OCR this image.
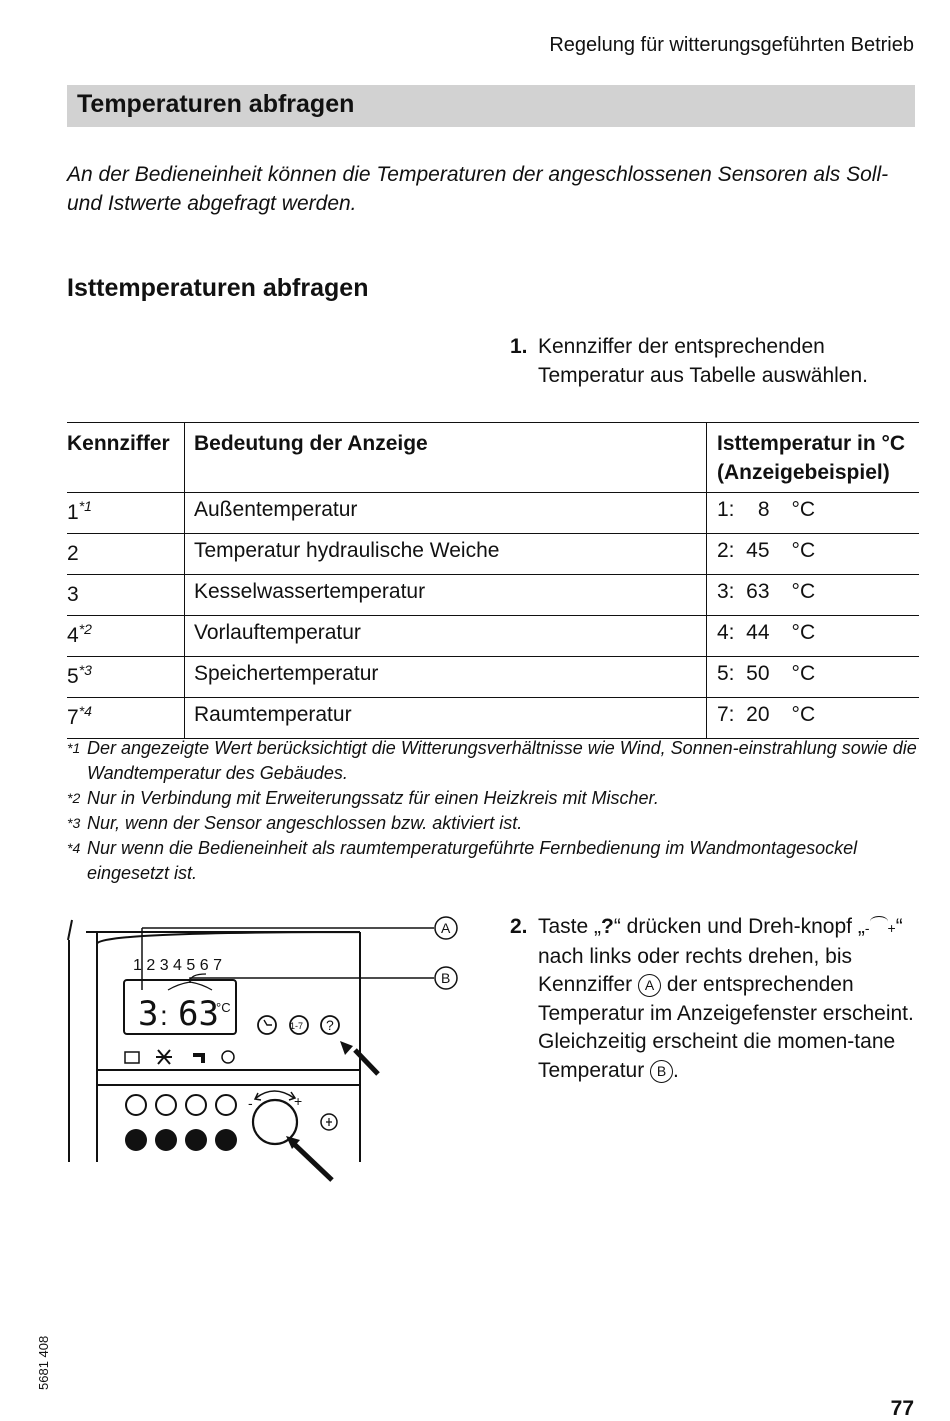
Regelung für witterungsgeführten Betrieb
Temperaturen abfragen
An der Bedieneinheit können die Temperaturen der angeschlossenen Sensoren als Soll- und Istwerte abgefragt werden.
Isttemperaturen abfragen
1. Kennziffer der entsprechenden Temperatur aus Tabelle auswählen.
Kennziffer	Bedeutung der Anzeige	Isttemperatur in °C
(Anzeigebeispiel)
1$^{*1}$	Außentemperatur	1:    8 °C
2	Temperatur hydraulische Weiche	2:  45 °C
3	Kesselwassertemperatur	3:  63 °C
4$^{*2}$	Vorlauftemperatur	4:  44 °C
5$^{*3}$	Speichertemperatur	5:  50 °C
7$^{*4}$	Raumtemperatur	7:  20 °C
*1 Der angezeigte Wert berücksichtigt die Witterungsverhältnisse wie Wind, Sonnen-einstrahlung sowie die Wandtemperatur des Gebäudes.
*2 Nur in Verbindung mit Erweiterungssatz für einen Heizkreis mit Mischer.
*3 Nur, wenn der Sensor angeschlossen bzw. aktiviert ist.
*4 Nur wenn die Bedieneinheit als raumtemperaturgeführte Fernbedienung im Wandmontagesockel eingesetzt ist.
1 2 3 4 5 6 7
3 : 63
°C
1-7 ?
-	+
A
B
2. Taste „?“ drücken und Dreh-knopf „- +“ nach links oder rechts drehen, bis Kennziffer A der entsprechenden Temperatur im Anzeigefenster erscheint. Gleichzeitig erscheint die momen-tane Temperatur B .
5681 408
77
